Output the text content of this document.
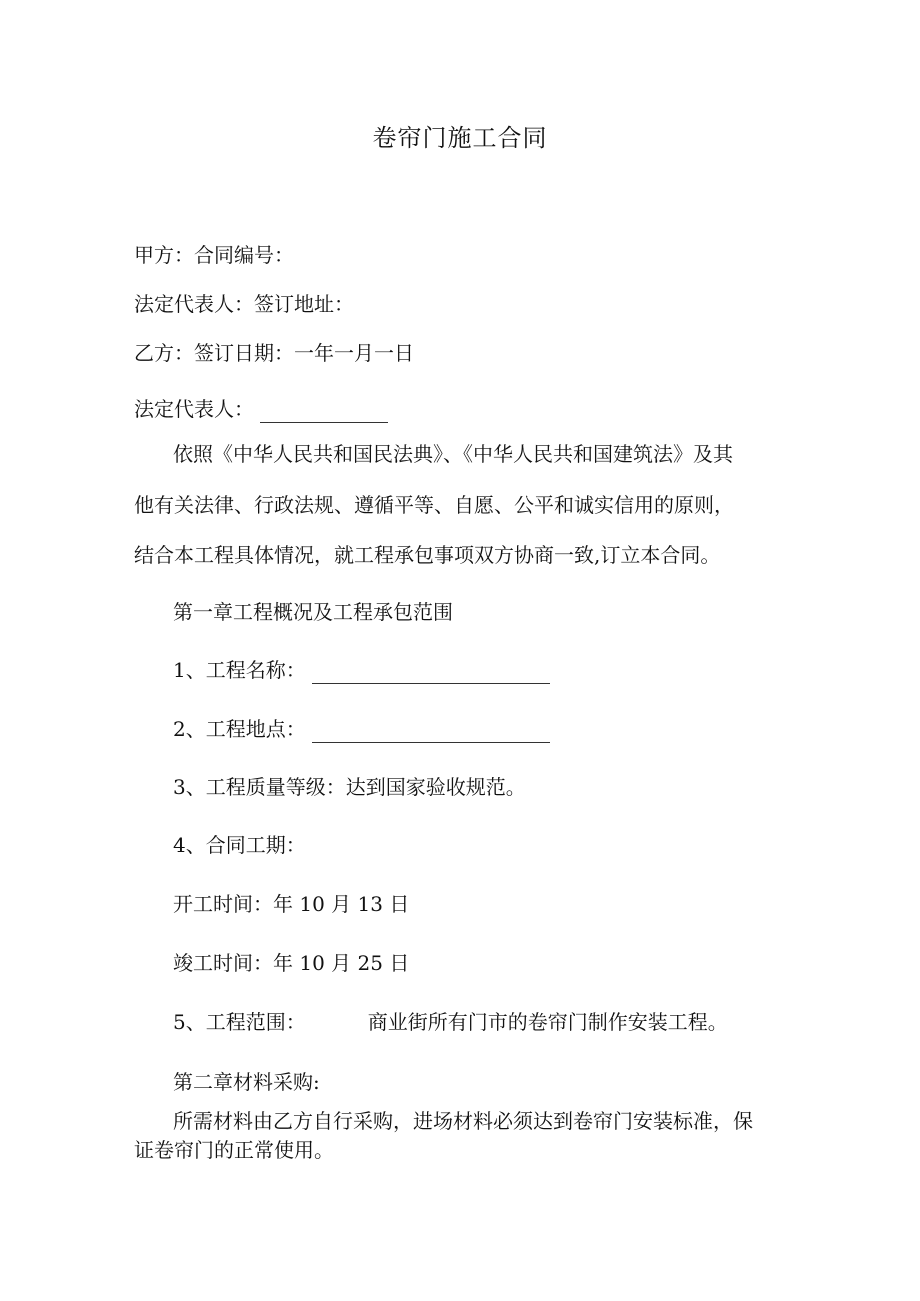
卷帘门施工合同
甲方：合同编号：
法定代表人：签订地址：
乙方：签订日期：一年一月一日
法定代表人：
依照《中华人民共和国民法典》、《中华人民共和国建筑法》及其
他有关法律、行政法规、遵循平等、自愿、公平和诚实信用的原则，
结合本工程具体情况，就工程承包事项双方协商一致,订立本合同。
第一章工程概况及工程承包范围
1、工程名称：
2、工程地点：
3、工程质量等级：达到国家验收规范。
4、合同工期：
开工时间：年 10 月 13 日
竣工时间：年 10 月 25 日
5、工程范围：	商业街所有门市的卷帘门制作安装工程。
第二章材料采购:
所需材料由乙方自行采购，进场材料必须达到卷帘门安装标准，保
证卷帘门的正常使用。
